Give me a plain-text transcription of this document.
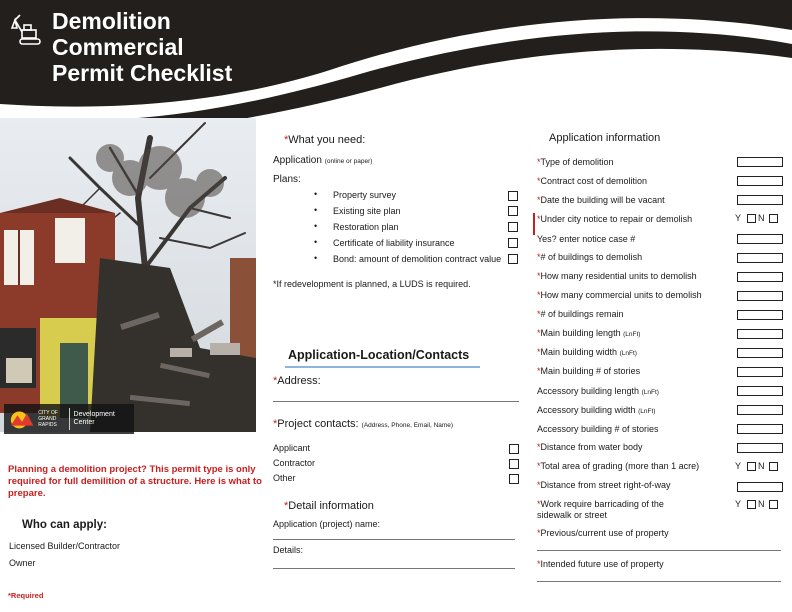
Demolition
Commercial
Permit Checklist
CITY OF GRAND RAPIDS
Development Center
Planning a demolition project? This permit type is only required for full demilition of a structure. Here is what to prepare.
Who can apply:
Licensed Builder/Contractor
Owner
*Required
*What you need:
Application (online or paper)
Plans:
• Property survey
• Existing site plan
• Restoration plan
• Certificate of liability insurance
• Bond: amount of demolition contract value
*If redevelopment is planned, a LUDS is required.
Application-Location/Contacts
*Address:
*Project contacts: (Address, Phone, Email, Name)
Applicant
Contractor
Other
*Detail information
Application (project) name:
Details:
Application information
*Type of demolition
*Contract cost of demolition
*Date the building will be vacant
*Under city notice to repair or demolish	Y N
Yes? enter notice case #
*# of buildings to demolish
*How many residential units to demolish
*How many commercial units to demolish
*# of buildings remain
*Main building length (LnFt)
*Main building width (LnFt)
*Main building # of stories
Accessory building length (LnFt)
Accessory building width (LnFt)
Accessory building # of stories
*Distance from water body
*Total area of grading (more than 1 acre)	Y N
*Distance from street right-of-way
*Work require barricading of the
sidewalk or street
Y N
*Previous/current use of property
*Intended future use of property
